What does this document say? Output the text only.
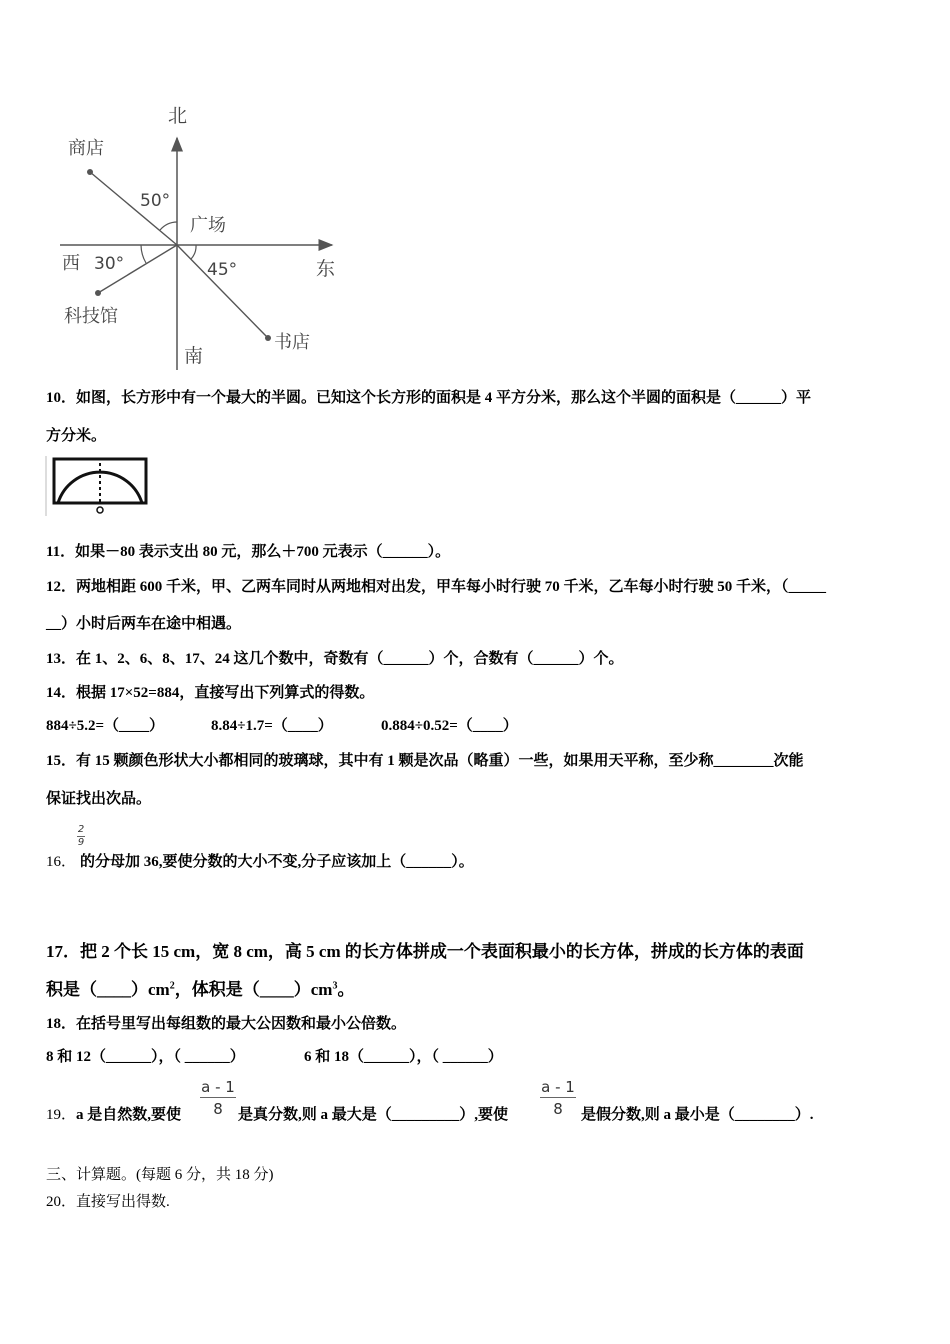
北
商店
50°
广场
西 30°	45°	东
科技馆
书店
南
10．如图，长方形中有一个最大的半圆。已知这个长方形的面积是 4 平方分米，那么这个半圆的面积是（______）平
方分米。
11．如果－80 表示支出 80 元，那么＋700 元表示（______）。
12．两地相距 600 千米，甲、乙两车同时从两地相对出发，甲车每小时行驶 70 千米，乙车每小时行驶 50 千米，（_____
__）小时后两车在途中相遇。
13．在 1、2、6、8、17、24 这几个数中，奇数有（______）个，合数有（______）个。
14．根据 17×52=884，直接写出下列算式的得数。
884÷5.2=（____）	8.84÷1.7=（____）	0.884÷0.52=（____）
15．有 15 颗颜色形状大小都相同的玻璃球，其中有 1 颗是次品（略重）一些，如果用天平称，至少称________次能
保证找出次品。
2
9
16． 的分母加 36,要使分数的大小不变,分子应该加上（______）。
17．把 2 个长 15 cm，宽 8 cm，高 5 cm 的长方体拼成一个表面积最小的长方体，拼成的长方体的表面
积是$(\_\_\_\_)cm^2$，体积是$(\_\_\_\_)cm^3$。
18．在括号里写出每组数的最大公因数和最小公倍数。
8 和 12（______），（ ______）	6 和 18（______），（ ______）
a - 1
8
a - 1
8
19．a 是自然数,要使	是真分数,则 a 最大是（_________）,要使	是假分数,则 a 最小是（________）.
三、计算题。(每题 6 分，共 18 分)
20．直接写出得数.
